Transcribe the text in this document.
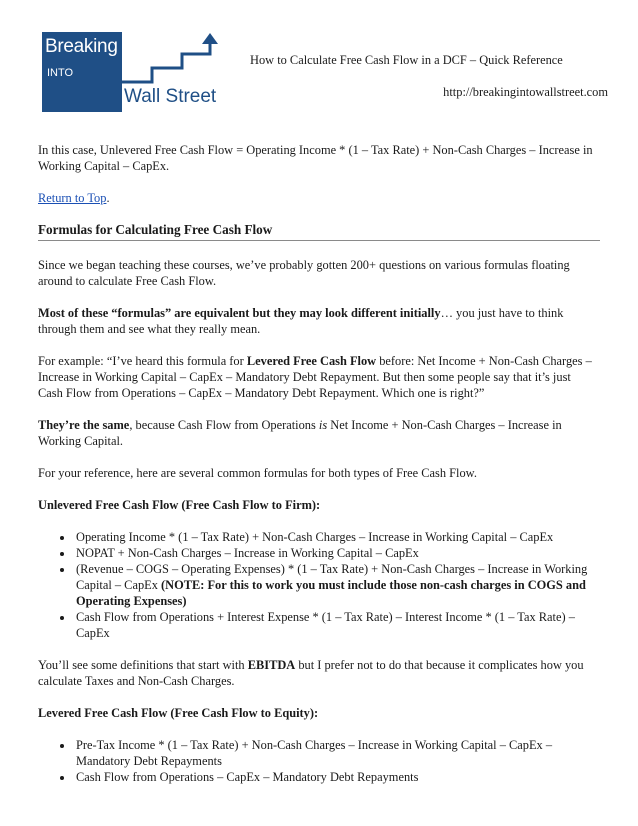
Breaking
INTO
Wall Street
How to Calculate Free Cash Flow in a DCF – Quick Reference
http://breakingintowallstreet.com

In this case, Unlevered Free Cash Flow = Operating Income * (1 – Tax Rate) + Non-Cash Charges – Increase in Working Capital – CapEx.

Return to Top.

Formulas for Calculating Free Cash Flow

Since we began teaching these courses, we’ve probably gotten 200+ questions on various formulas floating around to calculate Free Cash Flow.

Most of these “formulas” are equivalent but they may look different initially… you just have to think through them and see what they really mean.

For example: “I’ve heard this formula for Levered Free Cash Flow before: Net Income + Non-Cash Charges – Increase in Working Capital – CapEx – Mandatory Debt Repayment. But then some people say that it’s just Cash Flow from Operations – CapEx – Mandatory Debt Repayment. Which one is right?”

They’re the same, because Cash Flow from Operations is Net Income + Non-Cash Charges – Increase in Working Capital.

For your reference, here are several common formulas for both types of Free Cash Flow.

Unlevered Free Cash Flow (Free Cash Flow to Firm):

• Operating Income * (1 – Tax Rate) + Non-Cash Charges – Increase in Working Capital – CapEx
• NOPAT + Non-Cash Charges – Increase in Working Capital – CapEx
• (Revenue – COGS – Operating Expenses) * (1 – Tax Rate) + Non-Cash Charges – Increase in Working Capital – CapEx (NOTE: For this to work you must include those non-cash charges in COGS and Operating Expenses)
• Cash Flow from Operations + Interest Expense * (1 – Tax Rate) – Interest Income * (1 – Tax Rate) – CapEx

You’ll see some definitions that start with EBITDA but I prefer not to do that because it complicates how you calculate Taxes and Non-Cash Charges.

Levered Free Cash Flow (Free Cash Flow to Equity):

• Pre-Tax Income * (1 – Tax Rate) + Non-Cash Charges – Increase in Working Capital – CapEx – Mandatory Debt Repayments
• Cash Flow from Operations – CapEx – Mandatory Debt Repayments
